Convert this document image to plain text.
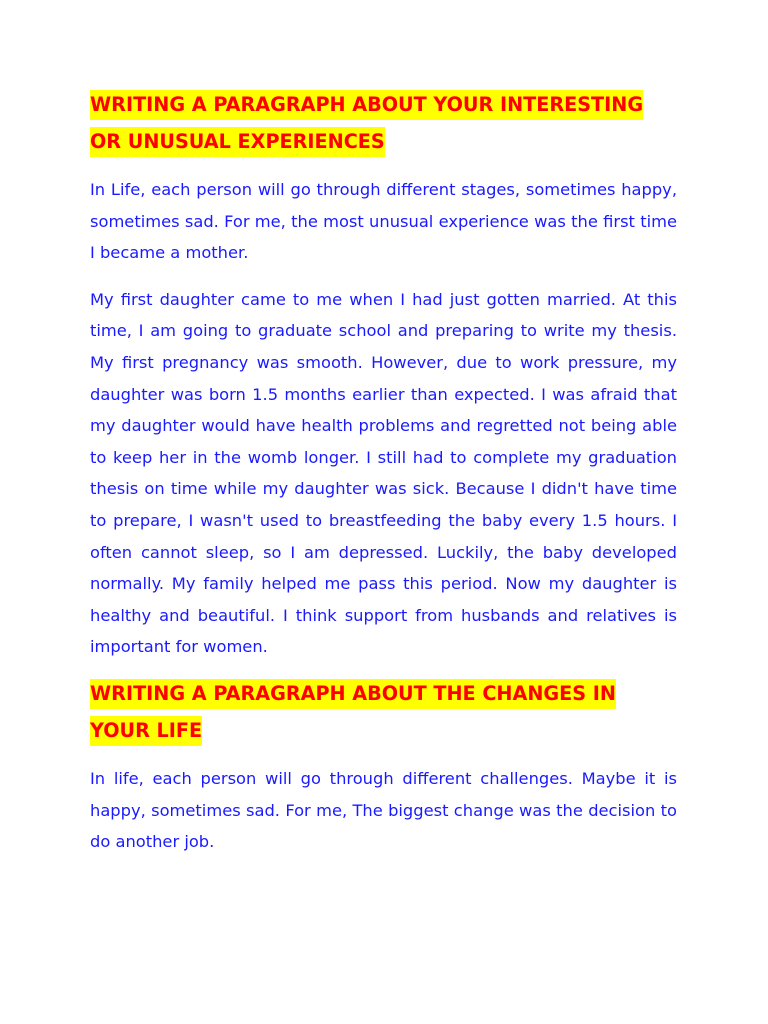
WRITING A PARAGRAPH ABOUT YOUR INTERESTING OR UNUSUAL EXPERIENCES

In Life, each person will go through different stages, sometimes happy, sometimes sad. For me, the most unusual experience was the first time I became a mother.

My first daughter came to me when I had just gotten married. At this time, I am going to graduate school and preparing to write my thesis. My first pregnancy was smooth. However, due to work pressure, my daughter was born 1.5 months earlier than expected. I was afraid that my daughter would have health problems and regretted not being able to keep her in the womb longer. I still had to complete my graduation thesis on time while my daughter was sick. Because I didn't have time to prepare, I wasn't used to breastfeeding the baby every 1.5 hours. I often cannot sleep, so I am depressed. Luckily, the baby developed normally. My family helped me pass this period. Now my daughter is healthy and beautiful. I think support from husbands and relatives is important for women.

WRITING A PARAGRAPH ABOUT THE CHANGES IN YOUR LIFE

In life, each person will go through different challenges. Maybe it is happy, sometimes sad. For me, The biggest change was the decision to do another job.
